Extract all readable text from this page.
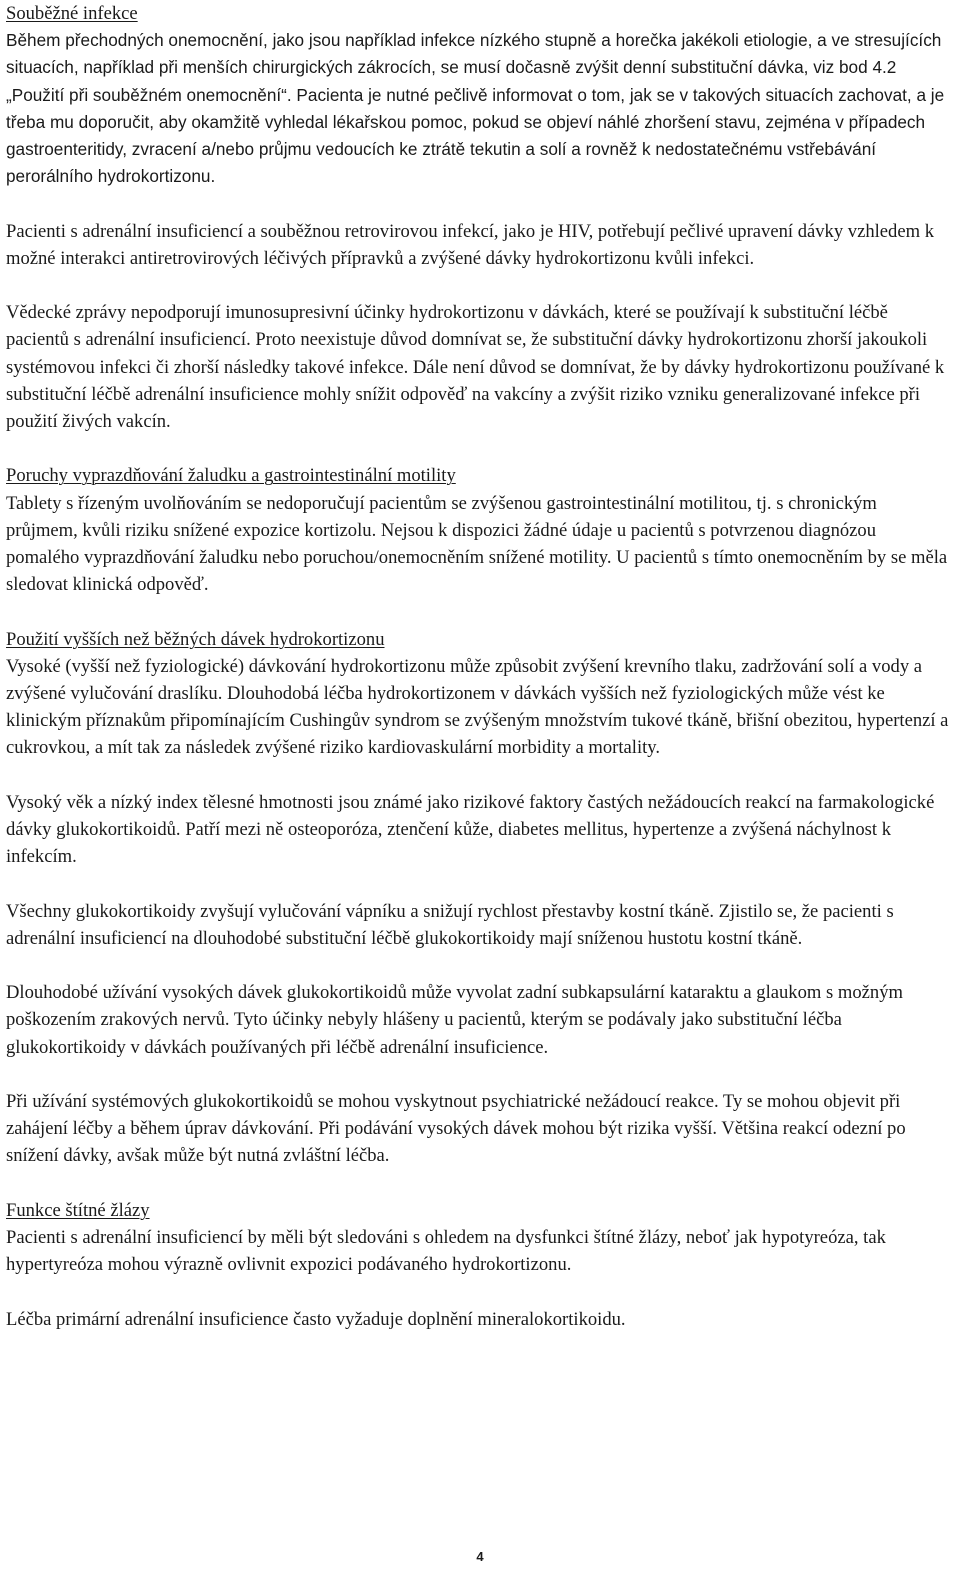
Souběžné infekce

Během přechodných onemocnění, jako jsou například infekce nízkého stupně a horečka jakékoli etiologie, a ve stresujících situacích, například při menších chirurgických zákrocích, se musí dočasně zvýšit denní substituční dávka, viz bod 4.2 „Použití při souběžném onemocnění“. Pacienta je nutné pečlivě informovat o tom, jak se v takových situacích zachovat, a je třeba mu doporučit, aby okamžitě vyhledal lékařskou pomoc, pokud se objeví náhlé zhoršení stavu, zejména v případech gastroenteritidy, zvracení a/nebo průjmu vedoucích ke ztrátě tekutin a solí a rovněž k nedostatečnému vstřebávání perorálního hydrokortizonu.

Pacienti s adrenální insuficiencí a souběžnou retrovirovou infekcí, jako je HIV, potřebují pečlivé upravení dávky vzhledem k možné interakci antiretrovirových léčivých přípravků a zvýšené dávky hydrokortizonu kvůli infekci.

Vědecké zprávy nepodporují imunosupresivní účinky hydrokortizonu v dávkách, které se používají k substituční léčbě pacientů s adrenální insuficiencí. Proto neexistuje důvod domnívat se, že substituční dávky hydrokortizonu zhorší jakoukoli systémovou infekci či zhorší následky takové infekce. Dále není důvod se domnívat, že by dávky hydrokortizonu používané k substituční léčbě adrenální insuficience mohly snížit odpověď na vakcíny a zvýšit riziko vzniku generalizované infekce při použití živých vakcín.

Poruchy vyprazdňování žaludku a gastrointestinální motility

Tablety s řízeným uvolňováním se nedoporučují pacientům se zvýšenou gastrointestinální motilitou, tj. s chronickým průjmem, kvůli riziku snížené expozice kortizolu. Nejsou k dispozici žádné údaje u pacientů s potvrzenou diagnózou pomalého vyprazdňování žaludku nebo poruchou/onemocněním snížené motility. U pacientů s tímto onemocněním by se měla sledovat klinická odpověď.

Použití vyšších než běžných dávek hydrokortizonu

Vysoké (vyšší než fyziologické) dávkování hydrokortizonu může způsobit zvýšení krevního tlaku, zadržování solí a vody a zvýšené vylučování draslíku. Dlouhodobá léčba hydrokortizonem v dávkách vyšších než fyziologických může vést ke klinickým příznakům připomínajícím Cushingův syndrom se zvýšeným množstvím tukové tkáně, břišní obezitou, hypertenzí a cukrovkou, a mít tak za následek zvýšené riziko kardiovaskulární morbidity a mortality.

Vysoký věk a nízký index tělesné hmotnosti jsou známé jako rizikové faktory častých nežádoucích reakcí na farmakologické dávky glukokortikoidů. Patří mezi ně osteoporóza, ztenčení kůže, diabetes mellitus, hypertenze a zvýšená náchylnost k infekcím.

Všechny glukokortikoidy zvyšují vylučování vápníku a snižují rychlost přestavby kostní tkáně. Zjistilo se, že pacienti s adrenální insuficiencí na dlouhodobé substituční léčbě glukokortikoidy mají sníženou hustotu kostní tkáně.

Dlouhodobé užívání vysokých dávek glukokortikoidů může vyvolat zadní subkapsulární kataraktu a glaukom s možným poškozením zrakových nervů. Tyto účinky nebyly hlášeny u pacientů, kterým se podávaly jako substituční léčba glukokortikoidy v dávkách používaných při léčbě adrenální insuficience.

Při užívání systémových glukokortikoidů se mohou vyskytnout psychiatrické nežádoucí reakce. Ty se mohou objevit při zahájení léčby a během úprav dávkování. Při podávání vysokých dávek mohou být rizika vyšší. Většina reakcí odezní po snížení dávky, avšak může být nutná zvláštní léčba.

Funkce štítné žlázy

Pacienti s adrenální insuficiencí by měli být sledováni s ohledem na dysfunkci štítné žlázy, neboť jak hypotyreóza, tak hypertyreóza mohou výrazně ovlivnit expozici podávaného hydrokortizonu.

Léčba primární adrenální insuficience často vyžaduje doplnění mineralokortikoidu.

4
